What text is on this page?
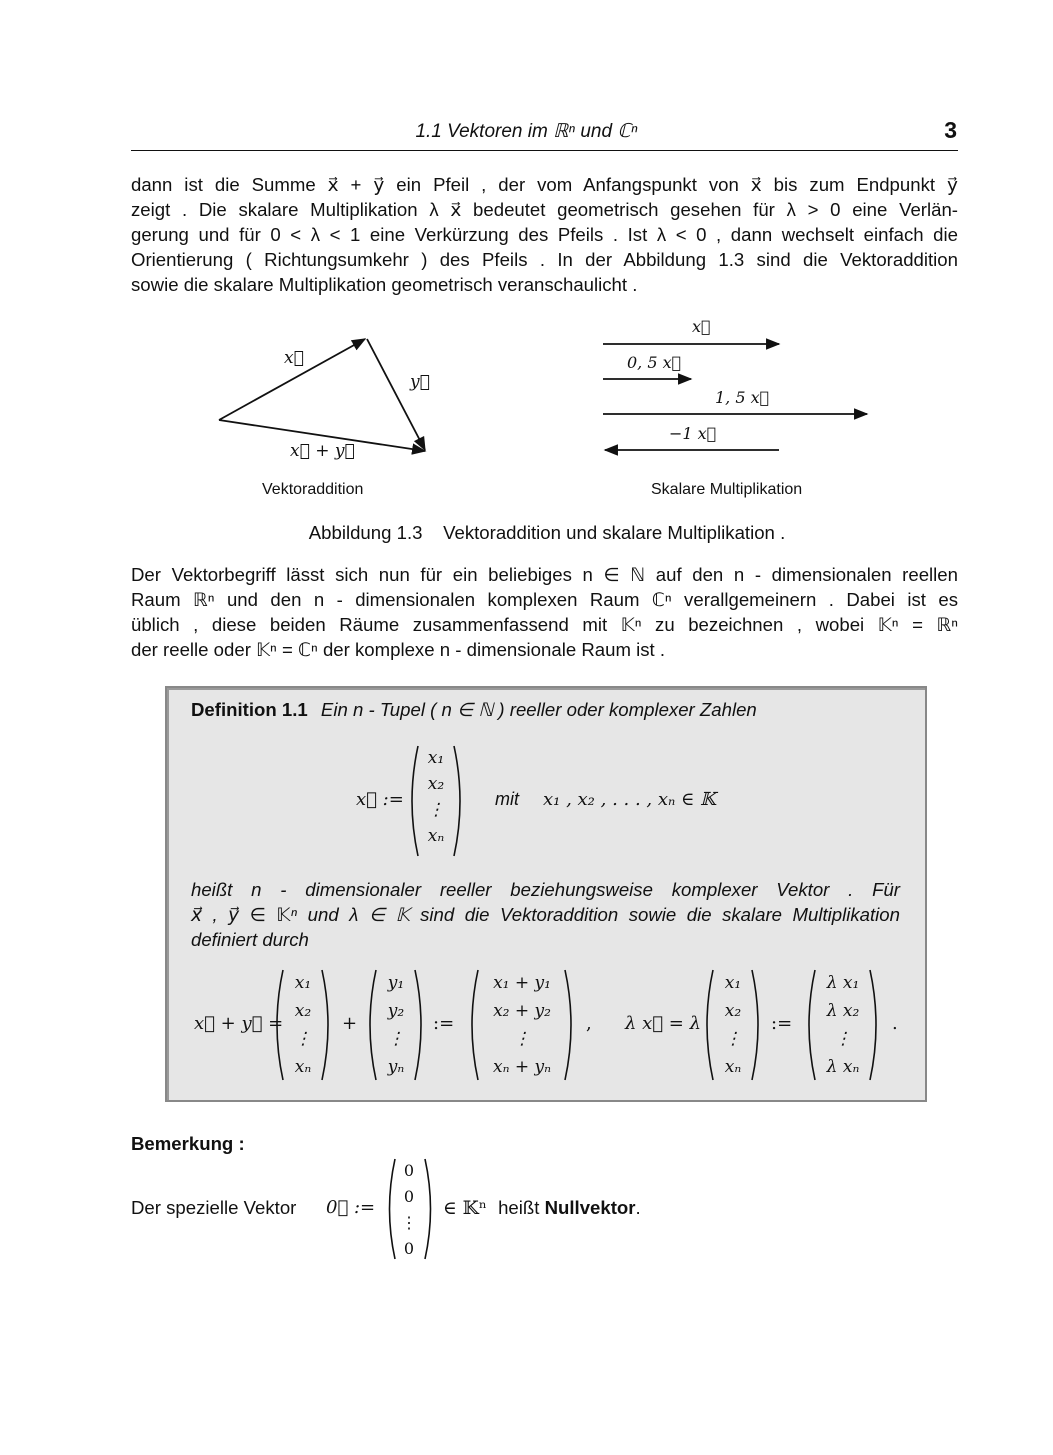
1.1 Vektoren im ℝⁿ und ℂⁿ	3
dann ist die Summe x⃗ + y⃗ ein Pfeil , der vom Anfangspunkt von x⃗ bis zum Endpunkt y⃗
zeigt . Die skalare Multiplikation λ x⃗ bedeutet geometrisch gesehen für λ > 0 eine Verlän-
gerung und für 0 < λ < 1 eine Verkürzung des Pfeils . Ist λ < 0 , dann wechselt einfach die
Orientierung ( Richtungsumkehr ) des Pfeils . In der Abbildung 1.3 sind die Vektoraddition
sowie die skalare Multiplikation geometrisch veranschaulicht .
x⃗
y⃗
x⃗ + y⃗
Vektoraddition
x⃗
0, 5 x⃗
1, 5 x⃗
−1 x⃗
Skalare Multiplikation
Abbildung 1.3    Vektoraddition und skalare Multiplikation .
Der Vektorbegriff lässt sich nun für ein beliebiges n ∈ ℕ auf den n - dimensionalen reellen
Raum ℝⁿ und den n - dimensionalen komplexen Raum ℂⁿ verallgemeinern . Dabei ist es
üblich , diese beiden Räume zusammenfassend mit 𝕂ⁿ zu bezeichnen , wobei 𝕂ⁿ = ℝⁿ
der reelle oder 𝕂ⁿ = ℂⁿ der komplexe n - dimensionale Raum ist .
Definition 1.1 Ein n - Tupel ( n ∈ ℕ ) reeller oder komplexer Zahlen
x⃗ :=
x₁
x₂
⋮
xₙ
mit x₁ , x₂ , . . . , xₙ ∈ 𝕂
heißt n - dimensionaler reeller beziehungsweise komplexer Vektor . Für
x⃗ , y⃗ ∈ 𝕂ⁿ und λ ∈ 𝕂 sind die Vektoraddition sowie die skalare Multiplikation
definiert durch
x⃗ + y⃗ =
x₁
x₂
⋮
xₙ
+
y₁
y₂
⋮
yₙ
:=
x₁ + y₁
x₂ + y₂
⋮
xₙ + yₙ
, λ x⃗ = λ
x₁
x₂
⋮
xₙ
:=
λ x₁
λ x₂
⋮
λ xₙ
.
Bemerkung :
Der spezielle Vektor 0⃗ :=
0
0
⋮
0
∈ 𝕂ⁿ heißt Nullvektor.
